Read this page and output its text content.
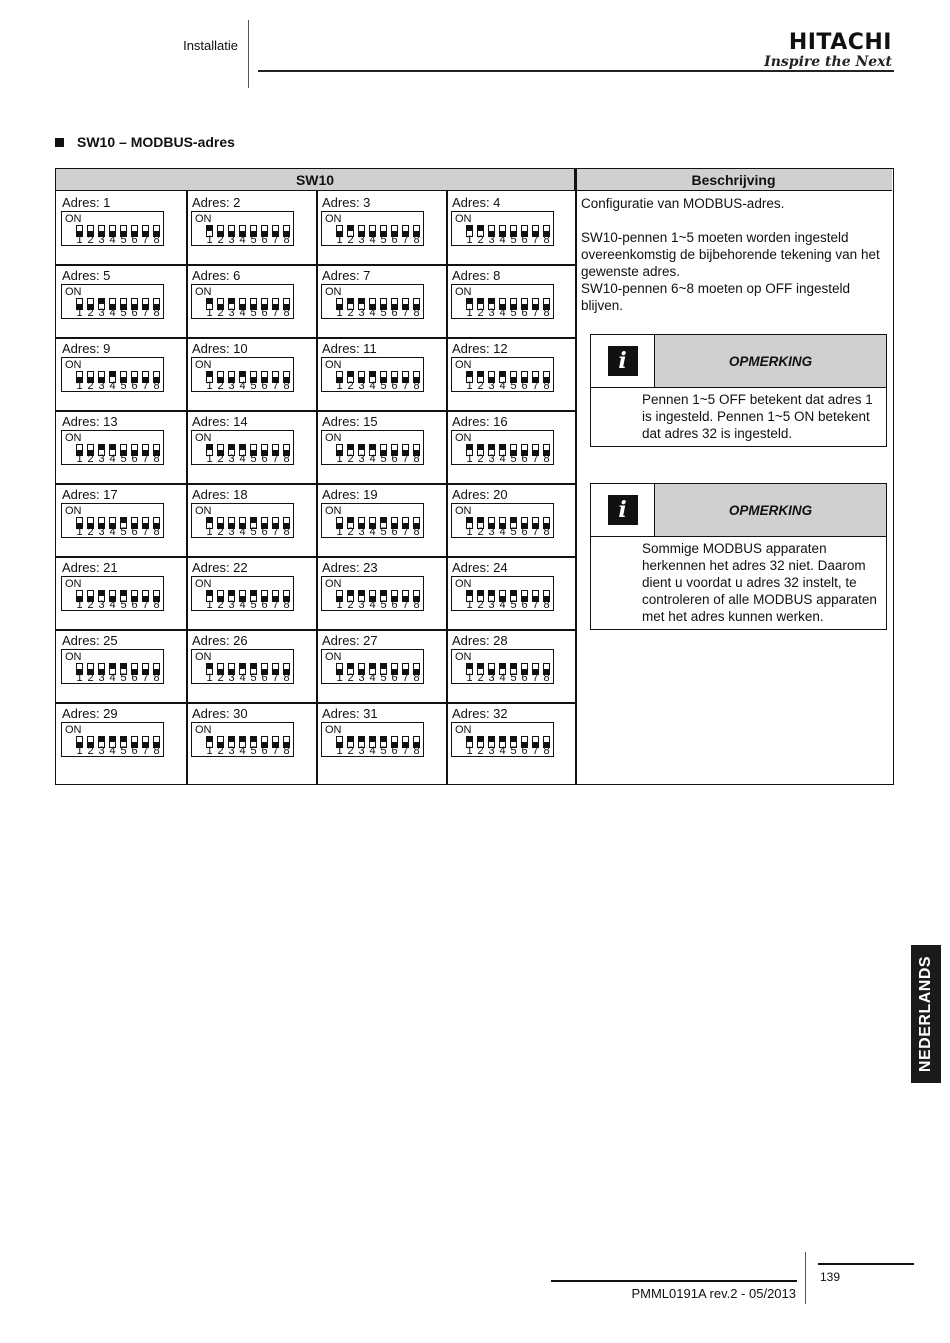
Installatie	HITACHI
Inspire the Next
SW10 – MODBUS-adres
SW10	Beschrijving
Adres: 1
ON
1 2 3 4 5 6 7 8
Adres: 2
ON
1 2 3 4 5 6 7 8
Adres: 3
ON
1 2 3 4 5 6 7 8
Adres: 4
ON
1 2 3 4 5 6 7 8
Adres: 5
ON
1 2 3 4 5 6 7 8
Adres: 6
ON
1 2 3 4 5 6 7 8
Adres: 7
ON
1 2 3 4 5 6 7 8
Adres: 8
ON
1 2 3 4 5 6 7 8
Adres: 9
ON
1 2 3 4 5 6 7 8
Adres: 10
ON
1 2 3 4 5 6 7 8
Adres: 11
ON
1 2 3 4 5 6 7 8
Adres: 12
ON
1 2 3 4 5 6 7 8
Adres: 13
ON
1 2 3 4 5 6 7 8
Adres: 14
ON
1 2 3 4 5 6 7 8
Adres: 15
ON
1 2 3 4 5 6 7 8
Adres: 16
ON
1 2 3 4 5 6 7 8
Adres: 17
ON
1 2 3 4 5 6 7 8
Adres: 18
ON
1 2 3 4 5 6 7 8
Adres: 19
ON
1 2 3 4 5 6 7 8
Adres: 20
ON
1 2 3 4 5 6 7 8
Adres: 21
ON
1 2 3 4 5 6 7 8
Adres: 22
ON
1 2 3 4 5 6 7 8
Adres: 23
ON
1 2 3 4 5 6 7 8
Adres: 24
ON
1 2 3 4 5 6 7 8
Adres: 25
ON
1 2 3 4 5 6 7 8
Adres: 26
ON
1 2 3 4 5 6 7 8
Adres: 27
ON
1 2 3 4 5 6 7 8
Adres: 28
ON
1 2 3 4 5 6 7 8
Adres: 29
ON
1 2 3 4 5 6 7 8
Adres: 30
ON
1 2 3 4 5 6 7 8
Adres: 31
ON
1 2 3 4 5 6 7 8
Adres: 32
ON
1 2 3 4 5 6 7 8

Configuratie van MODBUS-adres.

SW10-pennen 1~5 moeten worden ingesteld overeenkomstig de bijbehorende tekening van het gewenste adres.

SW10-pennen 6~8 moeten op OFF ingesteld blijven.

i	OPMERKING
Pennen 1~5 OFF betekent dat adres 1 is ingesteld. Pennen 1~5 ON betekent dat adres 32 is ingesteld.
i	OPMERKING
Sommige MODBUS apparaten herkennen het adres 32 niet. Daarom dient u voordat u adres 32 instelt, te controleren of alle MODBUS apparaten met het adres kunnen werken.
NEDERLANDS
PMML0191A rev.2 - 05/2013
139
